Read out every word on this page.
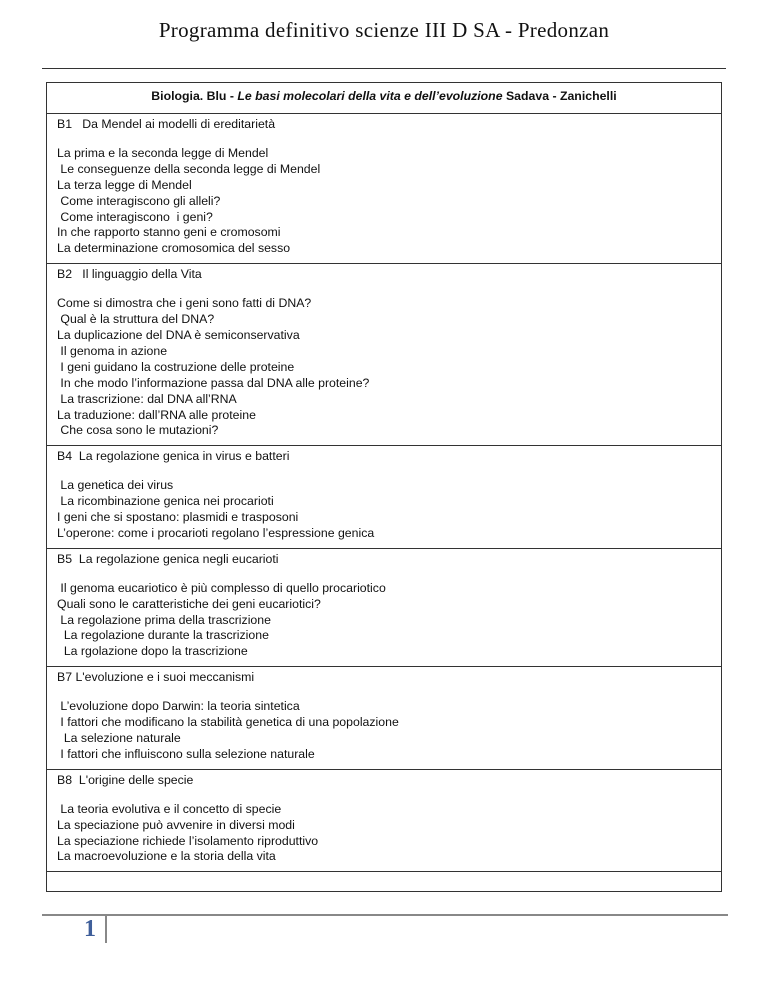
Programma definitivo scienze III D SA - Predonzan
Biologia. Blu - Le basi molecolari della vita e dell’evoluzione Sadava - Zanichelli

B1 Da Mendel ai modelli di ereditarietà
La prima e la seconda legge di Mendel
Le conseguenze della seconda legge di Mendel
La terza legge di Mendel
Come interagiscono gli alleli?
Come interagiscono  i geni?
In che rapporto stanno geni e cromosomi
La determinazione cromosomica del sesso

B2 Il linguaggio della Vita
Come si dimostra che i geni sono fatti di DNA?
Qual è la struttura del DNA?
La duplicazione del DNA è semiconservativa
Il genoma in azione
I geni guidano la costruzione delle proteine
In che modo l’informazione passa dal DNA alle proteine?
La trascrizione: dal DNA all’RNA
La traduzione: dall’RNA alle proteine
Che cosa sono le mutazioni?

B4 La regolazione genica in virus e batteri
La genetica dei virus
La ricombinazione genica nei procarioti
I geni che si spostano: plasmidi e trasposoni
L’operone: come i procarioti regolano l’espressione genica

B5 La regolazione genica negli eucarioti
Il genoma eucariotico è più complesso di quello procariotico
Quali sono le caratteristiche dei geni eucariotici?
La regolazione prima della trascrizione
La regolazione durante la trascrizione
La rgolazione dopo la trascrizione

B7 L'evoluzione e i suoi meccanismi
L’evoluzione dopo Darwin: la teoria sintetica
I fattori che modificano la stabilità genetica di una popolazione
La selezione naturale
I fattori che influiscono sulla selezione naturale

B8 L'origine delle specie
La teoria evolutiva e il concetto di specie
La speciazione può avvenire in diversi modi
La speciazione richiede l’isolamento riproduttivo
La macroevoluzione e la storia della vita

1
